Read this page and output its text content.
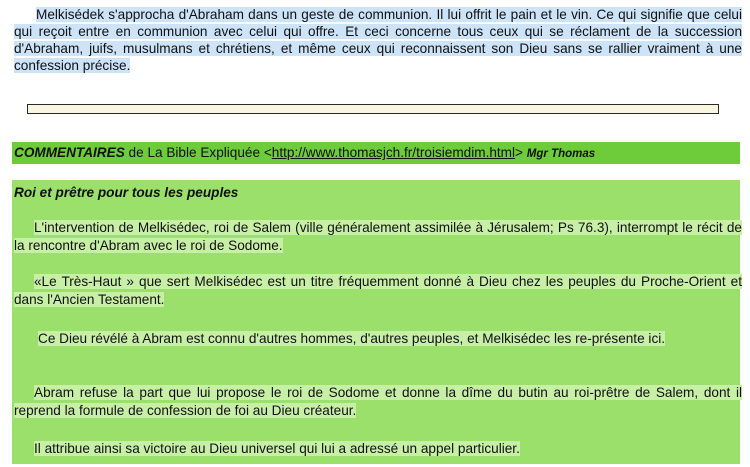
Melkisédek s'approcha d'Abraham dans un geste de communion. Il lui offrit le pain et le vin. Ce qui signifie que celui qui reçoit entre en communion avec celui qui offre. Et ceci concerne tous ceux qui se réclament de la succession d'Abraham, juifs, musulmans et chrétiens, et même ceux qui reconnaissent son Dieu sans se rallier vraiment à une confession précise.
COMMENTAIRES de La Bible Expliquée <http://www.thomasjch.fr/troisiemdim.html> Mgr Thomas
Roi et prêtre pour tous les peuples
L'intervention de Melkisédec, roi de Salem (ville généralement assimilée à Jérusalem; Ps 76.3), interrompt le récit de la rencontre d'Abram avec le roi de Sodome.
«Le Très-Haut » que sert Melkisédec est un titre fréquemment donné à Dieu chez les peuples du Proche-Orient et dans l'Ancien Testament.
Ce Dieu révélé à Abram est connu d'autres hommes, d'autres peuples, et Melkisédec les re-présente ici.
Abram refuse la part que lui propose le roi de Sodome et donne la dîme du butin au roi-prêtre de Salem, dont il reprend la formule de confession de foi au Dieu créateur.
Il attribue ainsi sa victoire au Dieu universel qui lui a adressé un appel particulier.
